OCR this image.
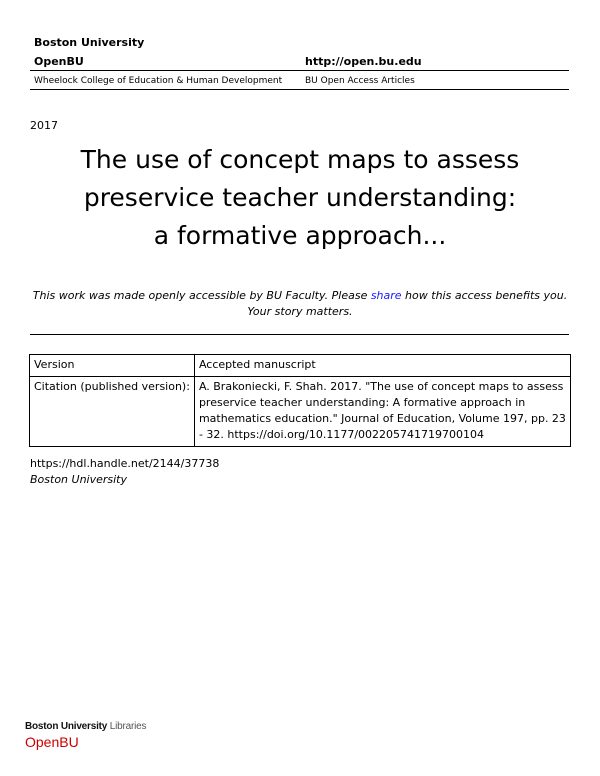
Boston University
OpenBU	http://open.bu.edu
Wheelock College of Education & Human Development	BU Open Access Articles
2017
The use of concept maps to assess
preservice teacher understanding:
a formative approach...
This work was made openly accessible by BU Faculty. Please share how this access benefits you.
Your story matters.
Version	Accepted manuscript
Citation (published version):	A. Brakoniecki, F. Shah. 2017. "The use of concept maps to assess preservice teacher understanding: A formative approach in mathematics education." Journal of Education, Volume 197, pp. 23 - 32. https://doi.org/10.1177/002205741719700104
https://hdl.handle.net/2144/37738
Boston University
Boston University Libraries
OpenBU
